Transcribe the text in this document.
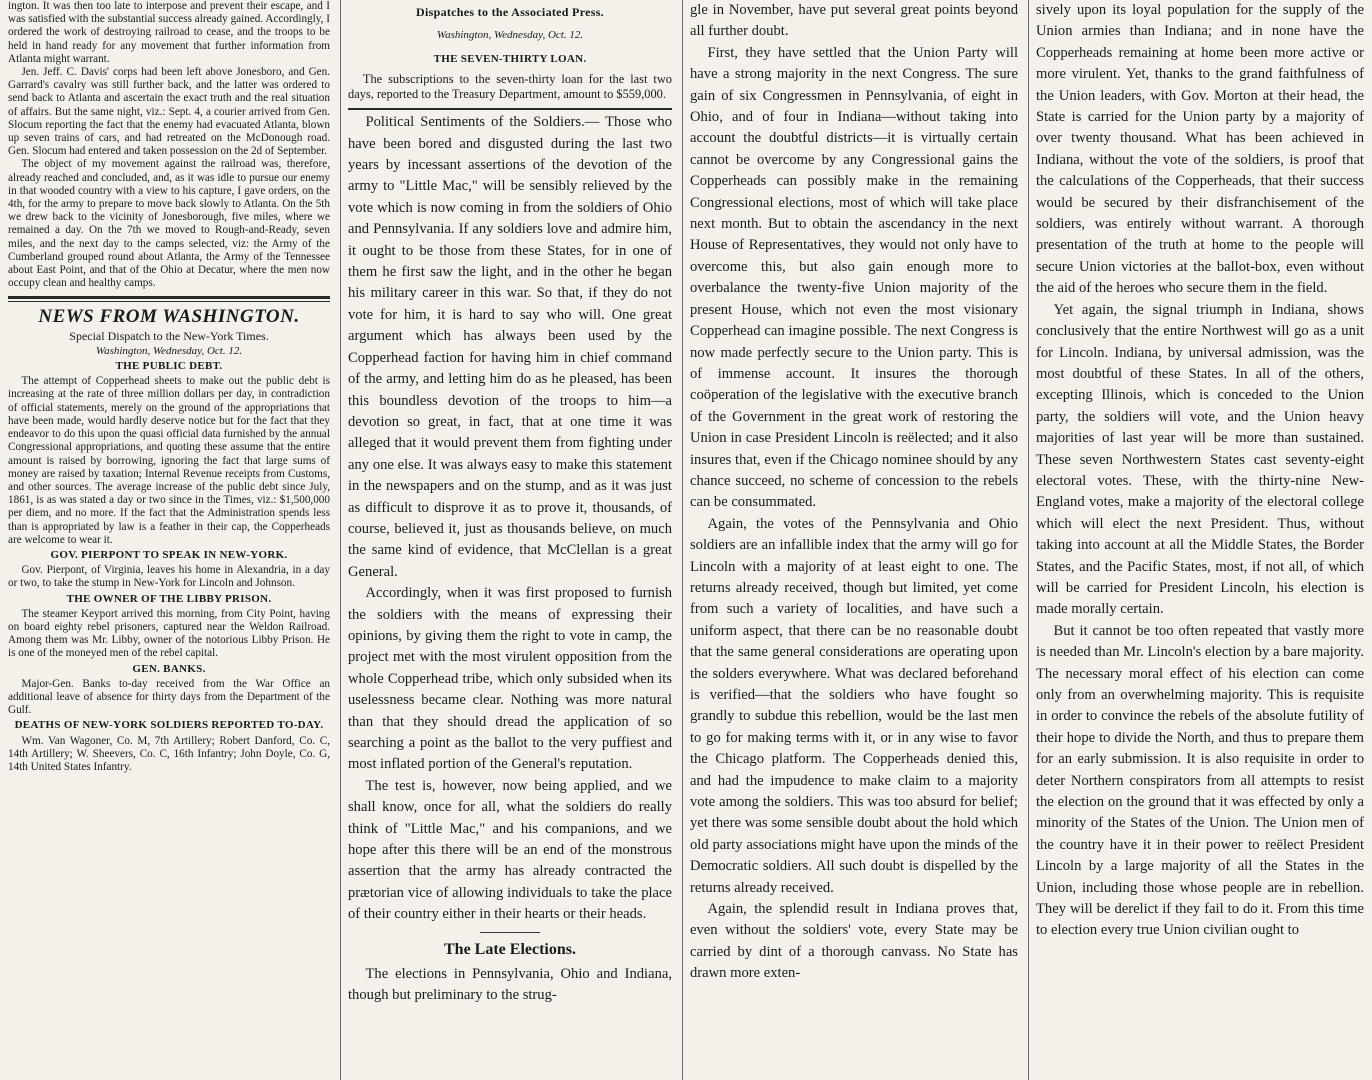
ington. It was then too late to interpose and prevent their escape, and I was satisfied with the substantial success already gained. Accordingly, I ordered the work of destroying railroad to cease, and the troops to be held in hand ready for any movement that further information from Atlanta might warrant.

Jen. Jeff. C. Davis' corps had been left above Jonesboro, and Gen. Garrard's cavalry was still further back, and the latter was ordered to send back to Atlanta and ascertain the exact truth and the real situation of affairs. But the same night, viz.: Sept. 4, a courier arrived from Gen. Slocum reporting the fact that the enemy had evacuated Atlanta, blown up seven trains of cars, and had retreated on the McDonough road. Gen. Slocum had entered and taken possession on the 2d of September.

The object of my movement against the railroad was, therefore, already reached and concluded, and, as it was idle to pursue our enemy in that wooded country with a view to his capture, I gave orders, on the 4th, for the army to prepare to move back slowly to Atlanta. On the 5th we drew back to the vicinity of Jonesborough, five miles, where we remained a day. On the 7th we moved to Rough-and-Ready, seven miles, and the next day to the camps selected, viz: the Army of the Cumberland grouped round about Atlanta, the Army of the Tennessee about East Point, and that of the Ohio at Decatur, where the men now occupy clean and healthy camps.

NEWS FROM WASHINGTON.
Special Dispatch to the New-York Times.
Washington, Wednesday, Oct. 12.
THE PUBLIC DEBT.

The attempt of Copperhead sheets to make out the public debt is increasing at the rate of three million dollars per day, in contradiction of official statements, merely on the ground of the appropriations that have been made, would hardly deserve notice but for the fact that they endeavor to do this upon the quasi official data furnished by the annual Congressional appropriations, and quoting these assume that the entire amount is raised by borrowing, ignoring the fact that large sums of money are raised by taxation; Internal Revenue receipts from Customs, and other sources. The average increase of the public debt since July, 1861, is as was stated a day or two since in the Times, viz.: $1,500,000 per diem, and no more. If the fact that the Administration spends less than is appropriated by law is a feather in their cap, the Copperheads are welcome to wear it.

GOV. PIERPONT TO SPEAK IN NEW-YORK.

Gov. Pierpont, of Virginia, leaves his home in Alexandria, in a day or two, to take the stump in New-York for Lincoln and Johnson.

THE OWNER OF THE LIBBY PRISON.

The steamer Keyport arrived this morning, from City Point, having on board eighty rebel prisoners, captured near the Weldon Railroad. Among them was Mr. Libby, owner of the notorious Libby Prison. He is one of the moneyed men of the rebel capital.

GEN. BANKS.

Major-Gen. Banks to-day received from the War Office an additional leave of absence for thirty days from the Department of the Gulf.

DEATHS OF NEW-YORK SOLDIERS REPORTED TO-DAY.

Wm. Van Wagoner, Co. M, 7th Artillery; Robert Danford, Co. C, 14th Artillery; W. Sheevers, Co. C, 16th Infantry; John Doyle, Co. G, 14th United States Infantry.

Dispatches to the Associated Press.
Washington, Wednesday, Oct. 12.
THE SEVEN-THIRTY LOAN.

The subscriptions to the seven-thirty loan for the last two days, reported to the Treasury Department, amount to $559,000.

Political Sentiments of the Soldiers.— Those who have been bored and disgusted during the last two years by incessant assertions of the devotion of the army to "Little Mac," will be sensibly relieved by the vote which is now coming in from the soldiers of Ohio and Pennsylvania. If any soldiers love and admire him, it ought to be those from these States, for in one of them he first saw the light, and in the other he began his military career in this war. So that, if they do not vote for him, it is hard to say who will. One great argument which has always been used by the Copperhead faction for having him in chief command of the army, and letting him do as he pleased, has been this boundless devotion of the troops to him—a devotion so great, in fact, that at one time it was alleged that it would prevent them from fighting under any one else. It was always easy to make this statement in the newspapers and on the stump, and as it was just as difficult to disprove it as to prove it, thousands, of course, believed it, just as thousands believe, on much the same kind of evidence, that McClellan is a great General.

Accordingly, when it was first proposed to furnish the soldiers with the means of expressing their opinions, by giving them the right to vote in camp, the project met with the most virulent opposition from the whole Copperhead tribe, which only subsided when its uselessness became clear. Nothing was more natural than that they should dread the application of so searching a point as the ballot to the very puffiest and most inflated portion of the General's reputation.

The test is, however, now being applied, and we shall know, once for all, what the soldiers do really think of "Little Mac," and his companions, and we hope after this there will be an end of the monstrous assertion that the army has already contracted the prætorian vice of allowing individuals to take the place of their country either in their hearts or their heads.

The Late Elections.

The elections in Pennsylvania, Ohio and Indiana, though but preliminary to the strug-

gle in November, have put several great points beyond all further doubt.

First, they have settled that the Union Party will have a strong majority in the next Congress. The sure gain of six Congressmen in Pennsylvania, of eight in Ohio, and of four in Indiana—without taking into account the doubtful districts—it is virtually certain cannot be overcome by any Congressional gains the Copperheads can possibly make in the remaining Congressional elections, most of which will take place next month. But to obtain the ascendancy in the next House of Representatives, they would not only have to overcome this, but also gain enough more to overbalance the twenty-five Union majority of the present House, which not even the most visionary Copperhead can imagine possible. The next Congress is now made perfectly secure to the Union party. This is of immense account. It insures the thorough coöperation of the legislative with the executive branch of the Government in the great work of restoring the Union in case President Lincoln is reëlected; and it also insures that, even if the Chicago nominee should by any chance succeed, no scheme of concession to the rebels can be consummated.

Again, the votes of the Pennsylvania and Ohio soldiers are an infallible index that the army will go for Lincoln with a majority of at least eight to one. The returns already received, though but limited, yet come from such a variety of localities, and have such a uniform aspect, that there can be no reasonable doubt that the same general considerations are operating upon the solders everywhere. What was declared beforehand is verified—that the soldiers who have fought so grandly to subdue this rebellion, would be the last men to go for making terms with it, or in any wise to favor the Chicago platform. The Copperheads denied this, and had the impudence to make claim to a majority vote among the soldiers. This was too absurd for belief; yet there was some sensible doubt about the hold which old party associations might have upon the minds of the Democratic soldiers. All such doubt is dispelled by the returns already received.

Again, the splendid result in Indiana proves that, even without the soldiers' vote, every State may be carried by dint of a thorough canvass. No State has drawn more exten-

sively upon its loyal population for the supply of the Union armies than Indiana; and in none have the Copperheads remaining at home been more active or more virulent. Yet, thanks to the grand faithfulness of the Union leaders, with Gov. Morton at their head, the State is carried for the Union party by a majority of over twenty thousand. What has been achieved in Indiana, without the vote of the soldiers, is proof that the calculations of the Copperheads, that their success would be secured by their disfranchisement of the soldiers, was entirely without warrant. A thorough presentation of the truth at home to the people will secure Union victories at the ballot-box, even without the aid of the heroes who secure them in the field.

Yet again, the signal triumph in Indiana, shows conclusively that the entire Northwest will go as a unit for Lincoln. Indiana, by universal admission, was the most doubtful of these States. In all of the others, excepting Illinois, which is conceded to the Union party, the soldiers will vote, and the Union heavy majorities of last year will be more than sustained. These seven Northwestern States cast seventy-eight electoral votes. These, with the thirty-nine New-England votes, make a majority of the electoral college which will elect the next President. Thus, without taking into account at all the Middle States, the Border States, and the Pacific States, most, if not all, of which will be carried for President Lincoln, his election is made morally certain.

But it cannot be too often repeated that vastly more is needed than Mr. Lincoln's election by a bare majority. The necessary moral effect of his election can come only from an overwhelming majority. This is requisite in order to convince the rebels of the absolute futility of their hope to divide the North, and thus to prepare them for an early submission. It is also requisite in order to deter Northern conspirators from all attempts to resist the election on the ground that it was effected by only a minority of the States of the Union. The Union men of the country have it in their power to reëlect President Lincoln by a large majority of all the States in the Union, including those whose people are in rebellion. They will be derelict if they fail to do it. From this time to election every true Union civilian ought to
